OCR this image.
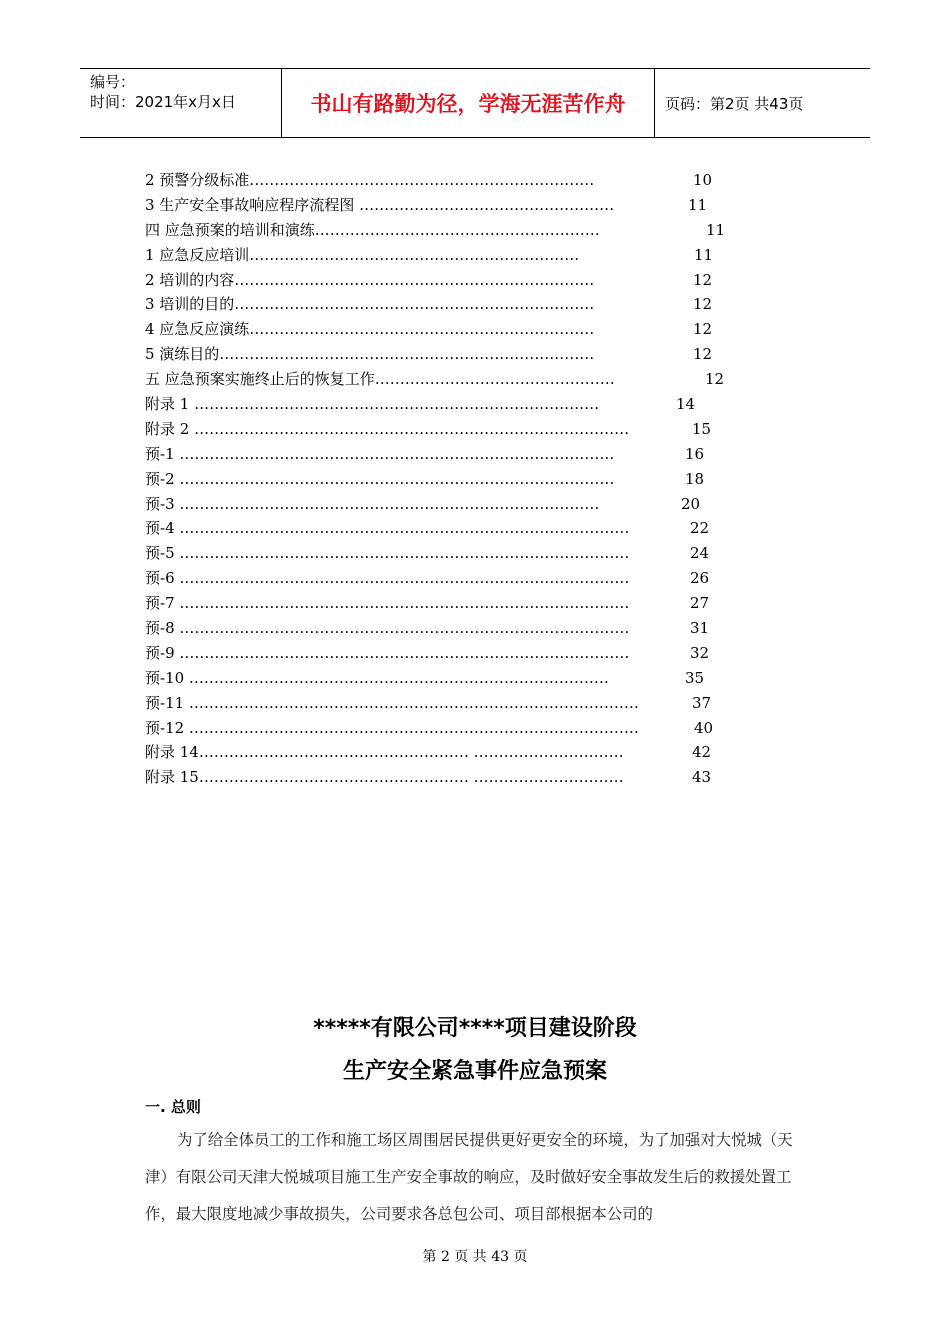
编号：
时间：2021年x月x日	书山有路勤为径，学海无涯苦作舟	页码：第2页 共43页
2 预警分级标准……………………………………………………………	10
3 生产安全事故响应程序流程图 ……………………………………………	11
四 应急预案的培训和演练…………………………………………………	11
1 应急反应培训…………………………………………………………	11
2 培训的内容………………………………………………………………	12
3 培训的目的………………………………………………………………	12
4 应急反应演练……………………………………………………………	12
5 演练目的…………………………………………………………………	12
五 应急预案实施终止后的恢复工作…………………………………………	12
附录 1 ………………………………………………………………………	14
附录 2 ……………………………………………………………………………	15
预-1 ……………………………………………………………………………	16
预-2 ……………………………………………………………………………	18
预-3 …………………………………………………………………………	20
预-4 ………………………………………………………………………………	22
预-5 ………………………………………………………………………………	24
预-6 ………………………………………………………………………………	26
预-7 ………………………………………………………………………………	27
预-8 ………………………………………………………………………………	31
预-9 ………………………………………………………………………………	32
预-10 …………………………………………………………………………	35
预-11 ………………………………………………………………………………	37
预-12 ………………………………………………………………………………	40
附录 14……………………………………………… …………………………	42
附录 15……………………………………………… …………………………	43
*****有限公司****项目建设阶段
生产安全紧急事件应急预案
一. 总则
为了给全体员工的工作和施工场区周围居民提供更好更安全的环境，为了加强对大悦城（天津）有限公司天津大悦城项目施工生产安全事故的响应，及时做好安全事故发生后的救援处置工作，最大限度地减少事故损失，公司要求各总包公司、项目部根据本公司的
第 2 页 共 43 页
